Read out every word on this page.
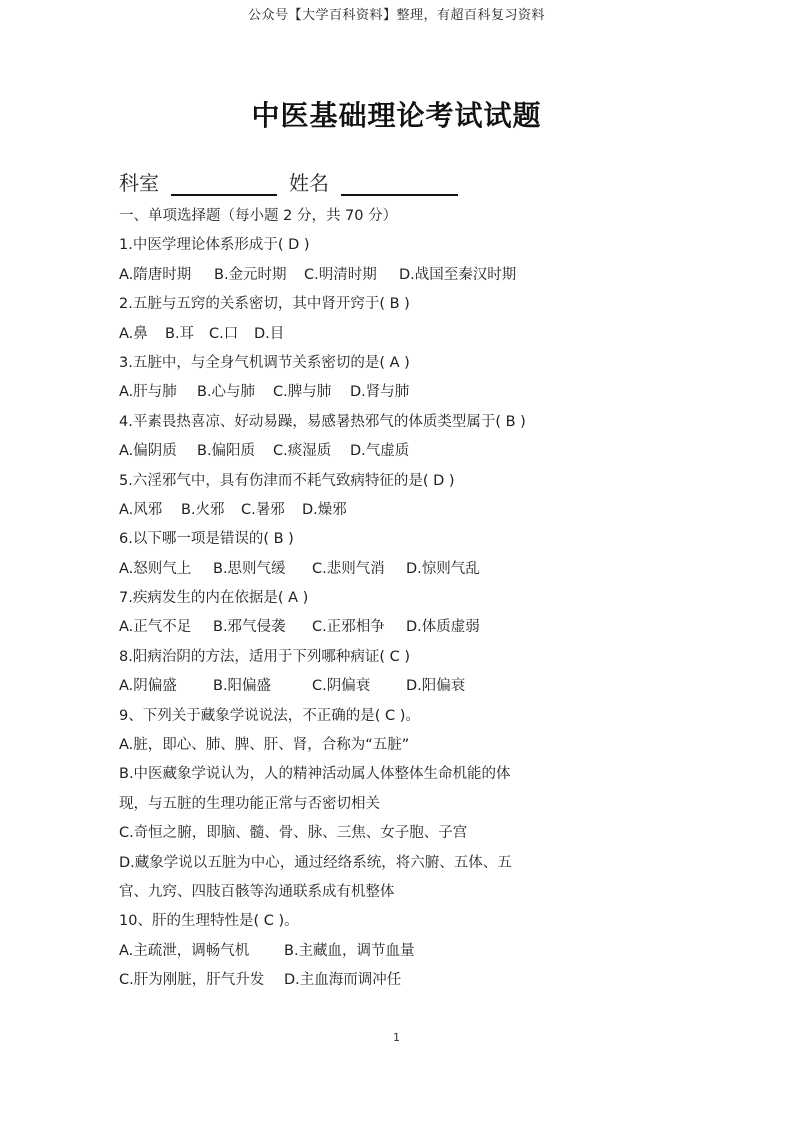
公众号【大学百科资料】整理，有超百科复习资料
中医基础理论考试试题
科室	姓名
一、单项选择题（每小题 2 分，共 70 分）
1.中医学理论体系形成于( D )
A.隋唐时期	B.金元时期	C.明清时期	D.战国至秦汉时期
2.五脏与五窍的关系密切，其中肾开窍于( B )
A.鼻	B.耳	C.口	D.目
3.五脏中，与全身气机调节关系密切的是( A )
A.肝与肺	B.心与肺	C.脾与肺	D.肾与肺
4.平素畏热喜凉、好动易躁，易感暑热邪气的体质类型属于( B )
A.偏阴质	B.偏阳质	C.痰湿质	D.气虚质
5.六淫邪气中，具有伤津而不耗气致病特征的是( D )
A.风邪	B.火邪	C.暑邪	D.燥邪
6.以下哪一项是错误的( B )
A.怒则气上	B.思则气缓	C.悲则气消	D.惊则气乱
7.疾病发生的内在依据是( A )
A.正气不足	B.邪气侵袭	C.正邪相争	D.体质虚弱
8.阳病治阴的方法，适用于下列哪种病证( C )
A.阴偏盛	B.阳偏盛	C.阴偏衰	D.阳偏衰
9、下列关于藏象学说说法，不正确的是( C )。
A.脏，即心、肺、脾、肝、肾，合称为“五脏”
B.中医藏象学说认为，人的精神活动属人体整体生命机能的体
现，与五脏的生理功能正常与否密切相关
C.奇恒之腑，即脑、髓、骨、脉、三焦、女子胞、子宫
D.藏象学说以五脏为中心，通过经络系统，将六腑、五体、五
官、九窍、四肢百骸等沟通联系成有机整体
10、肝的生理特性是( C )。
A.主疏泄，调畅气机	B.主藏血，调节血量
C.肝为刚脏，肝气升发	D.主血海而调冲任
1
